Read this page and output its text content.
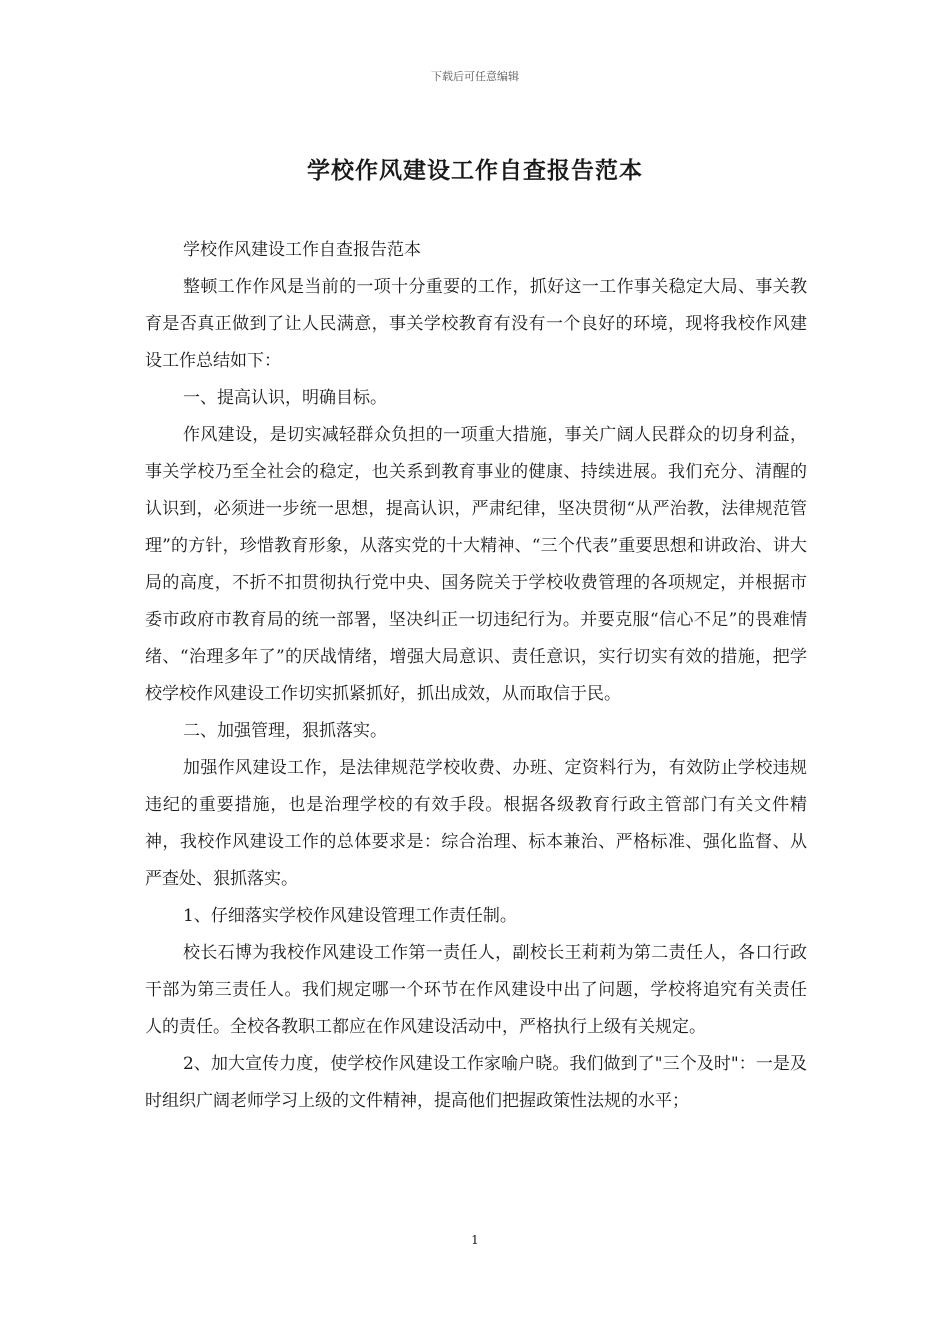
下载后可任意编辑
学校作风建设工作自查报告范本

学校作风建设工作自查报告范本

整顿工作作风是当前的一项十分重要的工作，抓好这一工作事关稳定大局、事关教育是否真正做到了让人民满意，事关学校教育有没有一个良好的环境，现将我校作风建设工作总结如下：

一、提高认识，明确目标。

作风建设，是切实减轻群众负担的一项重大措施，事关广阔人民群众的切身利益，事关学校乃至全社会的稳定，也关系到教育事业的健康、持续进展。我们充分、清醒的认识到，必须进一步统一思想，提高认识，严肃纪律，坚决贯彻“从严治教，法律规范管理”的方针，珍惜教育形象，从落实党的十大精神、“三个代表”重要思想和讲政治、讲大局的高度，不折不扣贯彻执行党中央、国务院关于学校收费管理的各项规定，并根据市委市政府市教育局的统一部署，坚决纠正一切违纪行为。并要克服“信心不足”的畏难情绪、“治理多年了”的厌战情绪，增强大局意识、责任意识，实行切实有效的措施，把学校学校作风建设工作切实抓紧抓好，抓出成效，从而取信于民。

二、加强管理，狠抓落实。

加强作风建设工作，是法律规范学校收费、办班、定资料行为，有效防止学校违规违纪的重要措施，也是治理学校的有效手段。根据各级教育行政主管部门有关文件精神，我校作风建设工作的总体要求是：综合治理、标本兼治、严格标准、强化监督、从严查处、狠抓落实。

1、仔细落实学校作风建设管理工作责任制。

校长石博为我校作风建设工作第一责任人，副校长王莉莉为第二责任人，各口行政干部为第三责任人。我们规定哪一个环节在作风建设中出了问题，学校将追究有关责任人的责任。全校各教职工都应在作风建设活动中，严格执行上级有关规定。

2、加大宣传力度，使学校作风建设工作家喻户晓。我们做到了"三个及时"：一是及时组织广阔老师学习上级的文件精神，提高他们把握政策性法规的水平；

1
